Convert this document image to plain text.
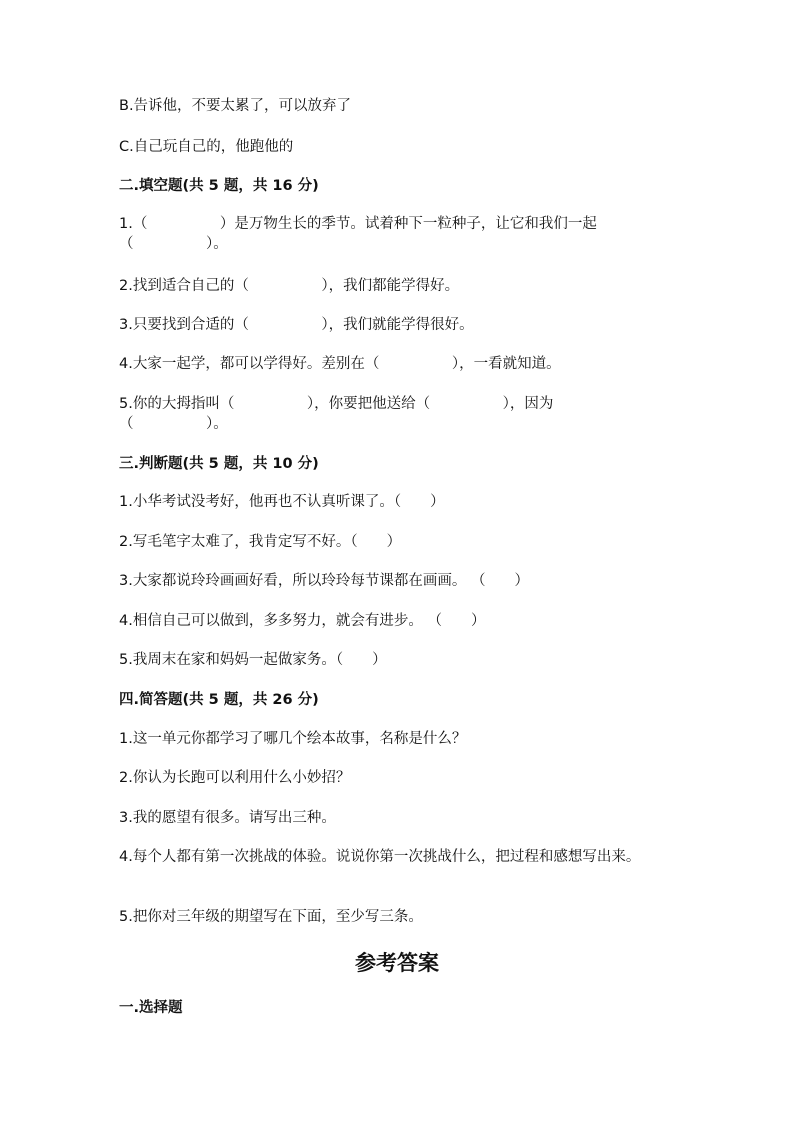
B.告诉他，不要太累了，可以放弃了
C.自己玩自己的，他跑他的
二.填空题(共 5 题，共 16 分)
1.（　　　　　）是万物生长的季节。试着种下一粒种子，让它和我们一起（　　　　　）。
2.找到适合自己的（　　　　　），我们都能学得好。
3.只要找到合适的（　　　　　），我们就能学得很好。
4.大家一起学，都可以学得好。差别在（　　　　　），一看就知道。
5.你的大拇指叫（　　　　　），你要把他送给（　　　　　），因为（　　　　　）。
三.判断题(共 5 题，共 10 分)
1.小华考试没考好，他再也不认真听课了。（　　）
2.写毛笔字太难了，我肯定写不好。（　　）
3.大家都说玲玲画画好看，所以玲玲每节课都在画画。 （　　）
4.相信自己可以做到，多多努力，就会有进步。 （　　）
5.我周末在家和妈妈一起做家务。（　　）
四.简答题(共 5 题，共 26 分)
1.这一单元你都学习了哪几个绘本故事，名称是什么？
2.你认为长跑可以利用什么小妙招？
3.我的愿望有很多。请写出三种。
4.每个人都有第一次挑战的体验。说说你第一次挑战什么，把过程和感想写出来。
5.把你对三年级的期望写在下面，至少写三条。
参考答案
一.选择题
